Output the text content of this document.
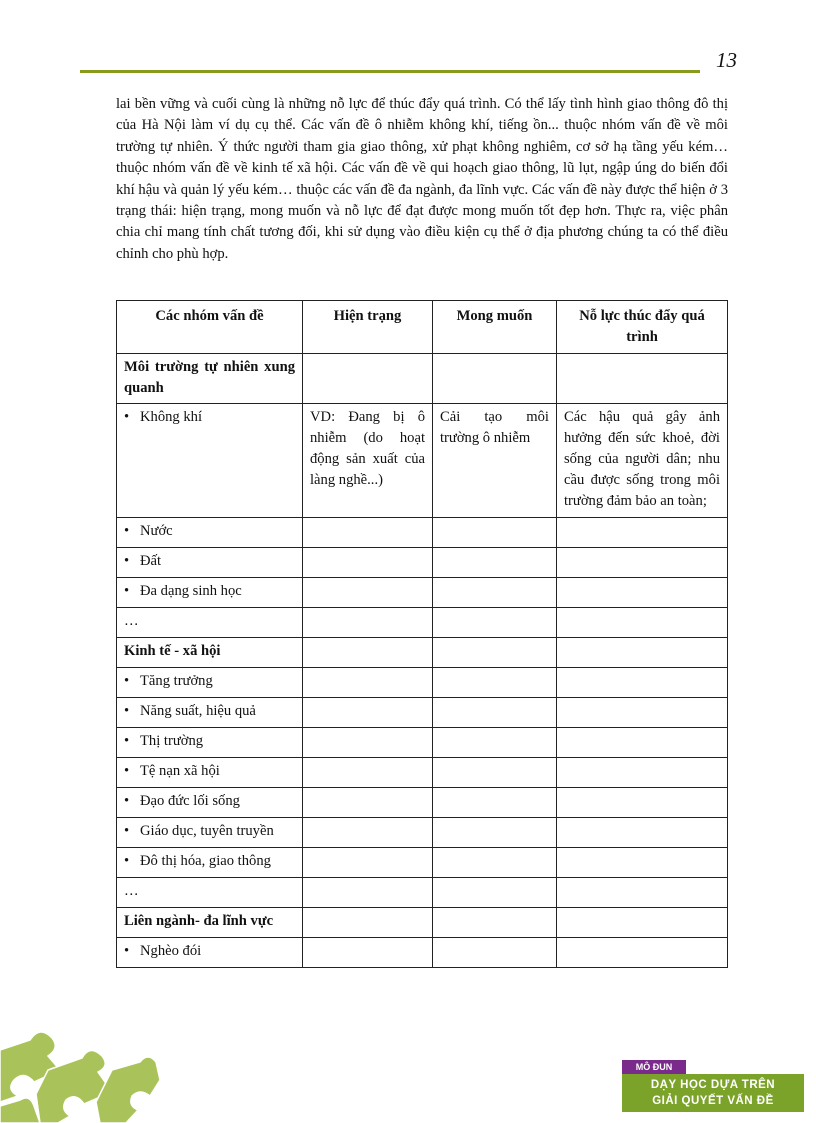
13
lai bền vững và cuối cùng là những nỗ lực để thúc đẩy quá trình. Có thể lấy tình hình giao thông đô thị của Hà Nội làm ví dụ cụ thể. Các vấn đề ô nhiễm không khí, tiếng ồn... thuộc nhóm vấn đề về môi trường tự nhiên. Ý thức người tham gia giao thông, xử phạt không nghiêm, cơ sở hạ tầng yếu kém… thuộc nhóm vấn đề về kinh tế xã hội. Các vấn đề về qui hoạch giao thông, lũ lụt, ngập úng do biến đổi khí hậu và quản lý yếu kém… thuộc các vấn đề đa ngành, đa lĩnh vực. Các vấn đề này được thể hiện ở 3 trạng thái: hiện trạng, mong muốn và nỗ lực để đạt được mong muốn tốt đẹp hơn. Thực ra, việc phân chia chỉ mang tính chất tương đối, khi sử dụng vào điều kiện cụ thể ở địa phương chúng ta có thể điều chỉnh cho phù hợp.
Các nhóm vấn đề	Hiện trạng	Mong muốn	Nỗ lực thúc đẩy quá trình
Môi trường tự nhiên xung quanh			
• Không khí	VD: Đang bị ô nhiễm (do hoạt động sản xuất của làng nghề...)	Cải tạo môi trường ô nhiễm	Các hậu quả gây ảnh hưởng đến sức khoẻ, đời sống của người dân; nhu cầu được sống trong môi trường đảm bảo an toàn;
• Nước			
• Đất			
• Đa dạng sinh học			
…			
Kinh tế - xã hội			
• Tăng trưởng			
• Năng suất, hiệu quả			
• Thị trường			
• Tệ nạn xã hội			
• Đạo đức lối sống			
• Giáo dục, tuyên truyền			
• Đô thị hóa, giao thông			
…			
Liên ngành- đa lĩnh vực			
• Nghèo đói			
MÔ ĐUN
DẠY HỌC DỰA TRÊN
GIẢI QUYẾT VẤN ĐỀ
